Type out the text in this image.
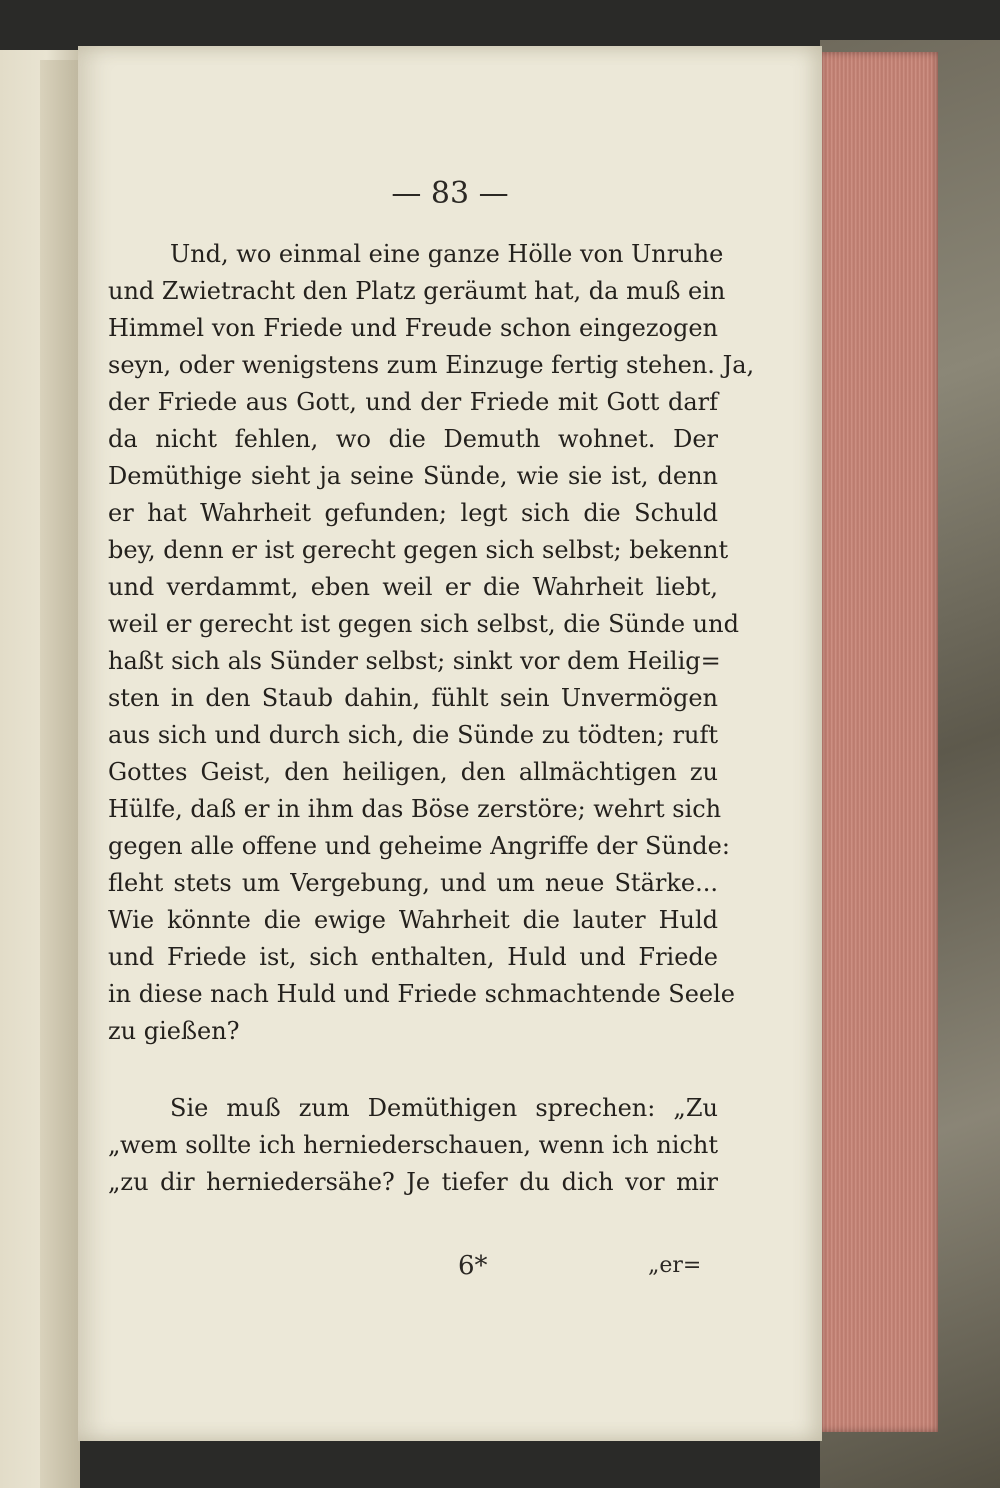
— 83 —
Und, wo einmal eine ganze Hölle von Unruhe
und Zwietracht den Platz geräumt hat, da muß ein
Himmel von Friede und Freude schon eingezogen
seyn, oder wenigstens zum Einzuge fertig stehen. Ja,
der Friede aus Gott, und der Friede mit Gott darf
da nicht fehlen, wo die Demuth wohnet. Der
Demüthige sieht ja seine Sünde, wie sie ist, denn
er hat Wahrheit gefunden; legt sich die Schuld
bey, denn er ist gerecht gegen sich selbst; bekennt
und verdammt, eben weil er die Wahrheit liebt,
weil er gerecht ist gegen sich selbst, die Sünde und
haßt sich als Sünder selbst; sinkt vor dem Heilig=
sten in den Staub dahin, fühlt sein Unvermögen
aus sich und durch sich, die Sünde zu tödten; ruft
Gottes Geist, den heiligen, den allmächtigen zu
Hülfe, daß er in ihm das Böse zerstöre; wehrt sich
gegen alle offene und geheime Angriffe der Sünde:
fleht stets um Vergebung, und um neue Stärke...
Wie könnte die ewige Wahrheit die lauter Huld
und Friede ist, sich enthalten, Huld und Friede
in diese nach Huld und Friede schmachtende Seele
zu gießen?
Sie muß zum Demüthigen sprechen: „Zu
„wem sollte ich herniederschauen, wenn ich nicht
„zu dir herniedersähe? Je tiefer du dich vor mir
6*	„er=
